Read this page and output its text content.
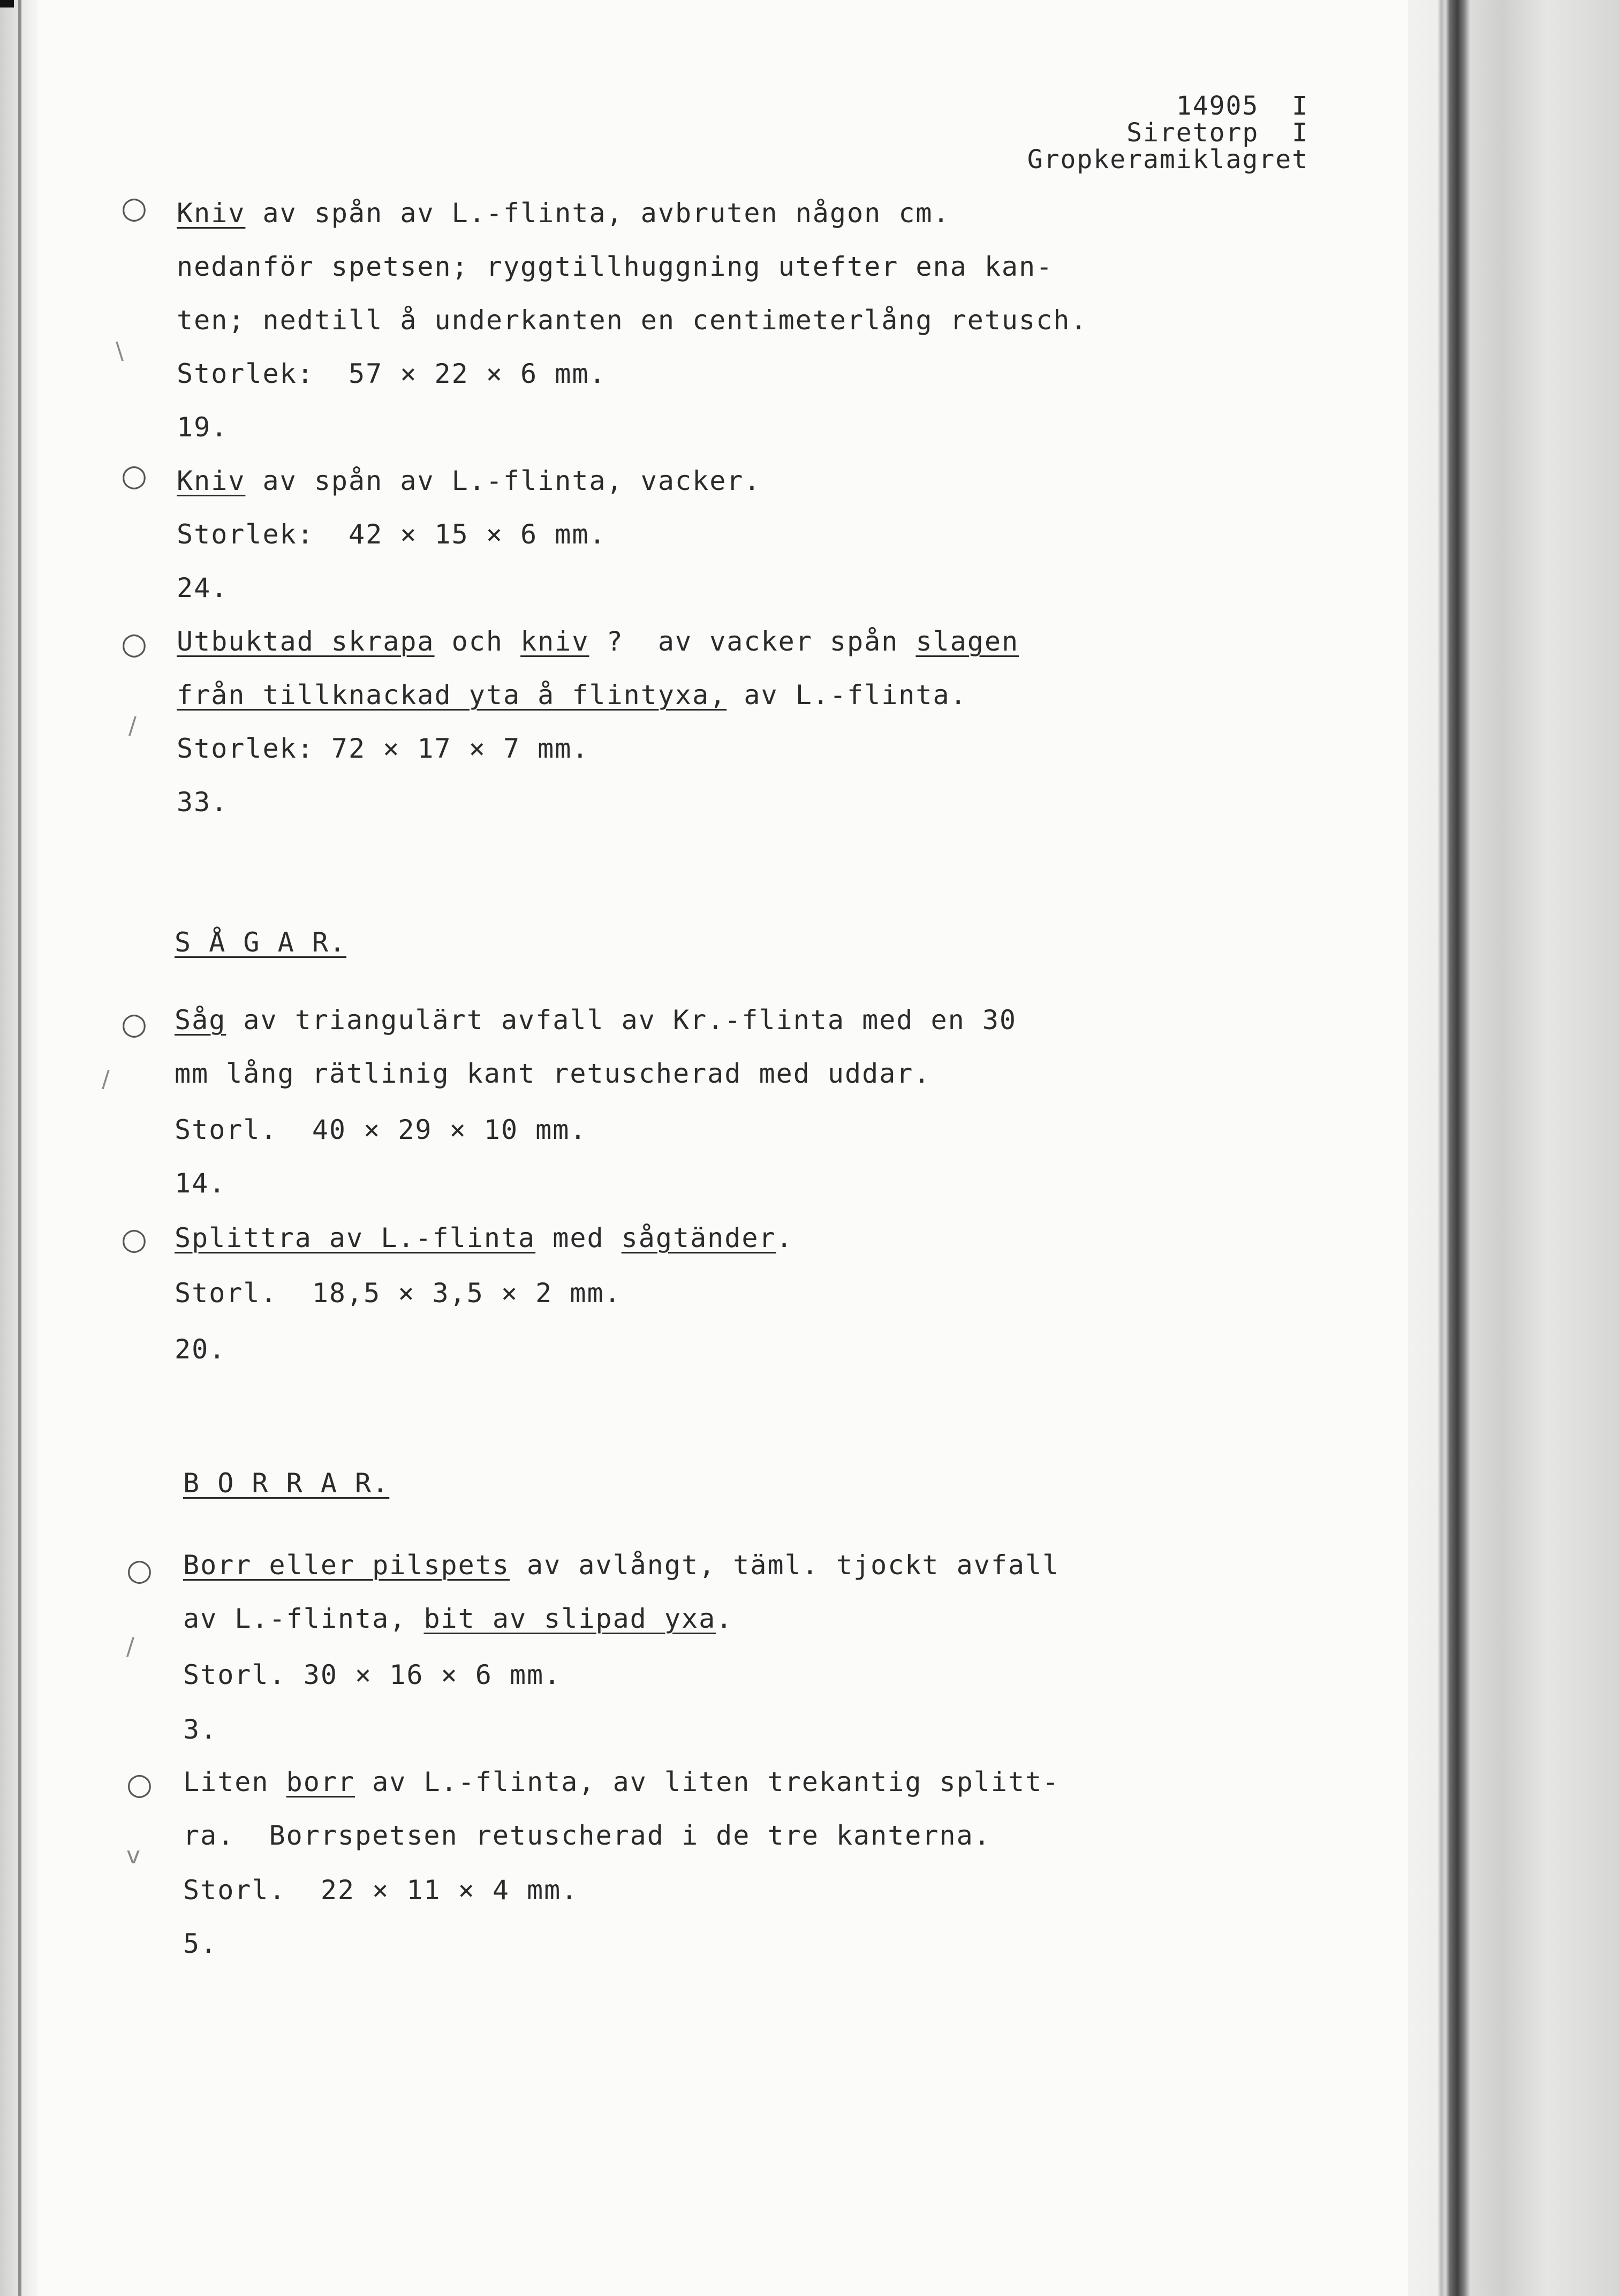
14905  I
Siretorp  I
Gropkeramiklagret
○
○
○
○
○
○
○
\
/
/
/
v
Kniv av spån av L.-flinta, avbruten någon cm.
nedanför spetsen; ryggtillhuggning utefter ena kan-
ten; nedtill å underkanten en centimeterlång retusch.
Storlek:  57 × 22 × 6 mm.
19.
Kniv av spån av L.-flinta, vacker.
Storlek:  42 × 15 × 6 mm.
24.
Utbuktad skrapa och kniv ?  av vacker spån slagen
från tillknackad yta å flintyxa, av L.-flinta.
Storlek: 72 × 17 × 7 mm.
33.
S Å G A R.
Såg av triangulärt avfall av Kr.-flinta med en 30
mm lång rätlinig kant retuscherad med uddar.
Storl.  40 × 29 × 10 mm.
14.
Splittra av L.-flinta med sågtänder.
Storl.  18,5 × 3,5 × 2 mm.
20.
B O R R A R.
Borr eller pilspets av avlångt, täml. tjockt avfall
av L.-flinta, bit av slipad yxa.
Storl. 30 × 16 × 6 mm.
3.
Liten borr av L.-flinta, av liten trekantig splitt-
ra.  Borrspetsen retuscherad i de tre kanterna.
Storl.  22 × 11 × 4 mm.
5.
